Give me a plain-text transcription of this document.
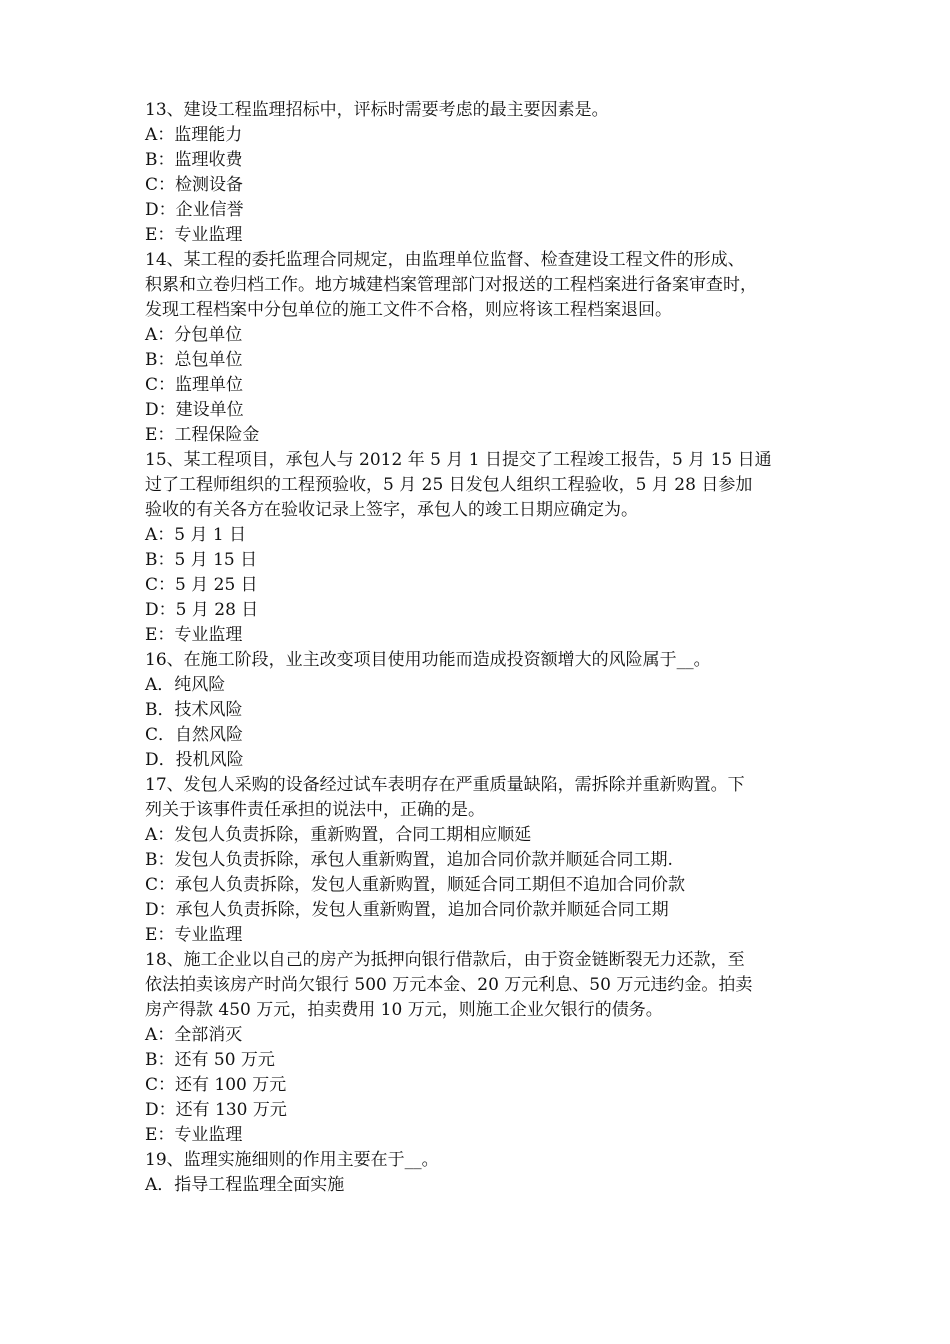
13、建设工程监理招标中，评标时需要考虑的最主要因素是。
A：监理能力
B：监理收费
C：检测设备
D：企业信誉
E：专业监理
14、某工程的委托监理合同规定，由监理单位监督、检查建设工程文件的形成、
积累和立卷归档工作。地方城建档案管理部门对报送的工程档案进行备案审查时，
发现工程档案中分包单位的施工文件不合格，则应将该工程档案退回。
A：分包单位
B：总包单位
C：监理单位
D：建设单位
E：工程保险金
15、某工程项目，承包人与 2012 年 5 月 1 日提交了工程竣工报告，5 月 15 日通
过了工程师组织的工程预验收，5 月 25 日发包人组织工程验收，5 月 28 日参加
验收的有关各方在验收记录上签字，承包人的竣工日期应确定为。
A：5 月 1 日
B：5 月 15 日
C：5 月 25 日
D：5 月 28 日
E：专业监理
16、在施工阶段，业主改变项目使用功能而造成投资额增大的风险属于__。
A．纯风险
B．技术风险
C．自然风险
D．投机风险
17、发包人采购的设备经过试车表明存在严重质量缺陷，需拆除并重新购置。下
列关于该事件责任承担的说法中，正确的是。
A：发包人负责拆除，重新购置，合同工期相应顺延
B：发包人负责拆除，承包人重新购置，追加合同价款并顺延合同工期.
C：承包人负责拆除，发包人重新购置，顺延合同工期但不追加合同价款
D：承包人负责拆除，发包人重新购置，追加合同价款并顺延合同工期
E：专业监理
18、施工企业以自己的房产为抵押向银行借款后，由于资金链断裂无力还款，至
依法拍卖该房产时尚欠银行 500 万元本金、20 万元利息、50 万元违约金。拍卖
房产得款 450 万元，拍卖费用 10 万元，则施工企业欠银行的债务。
A：全部消灭
B：还有 50 万元
C：还有 100 万元
D：还有 130 万元
E：专业监理
19、监理实施细则的作用主要在于__。
A．指导工程监理全面实施
